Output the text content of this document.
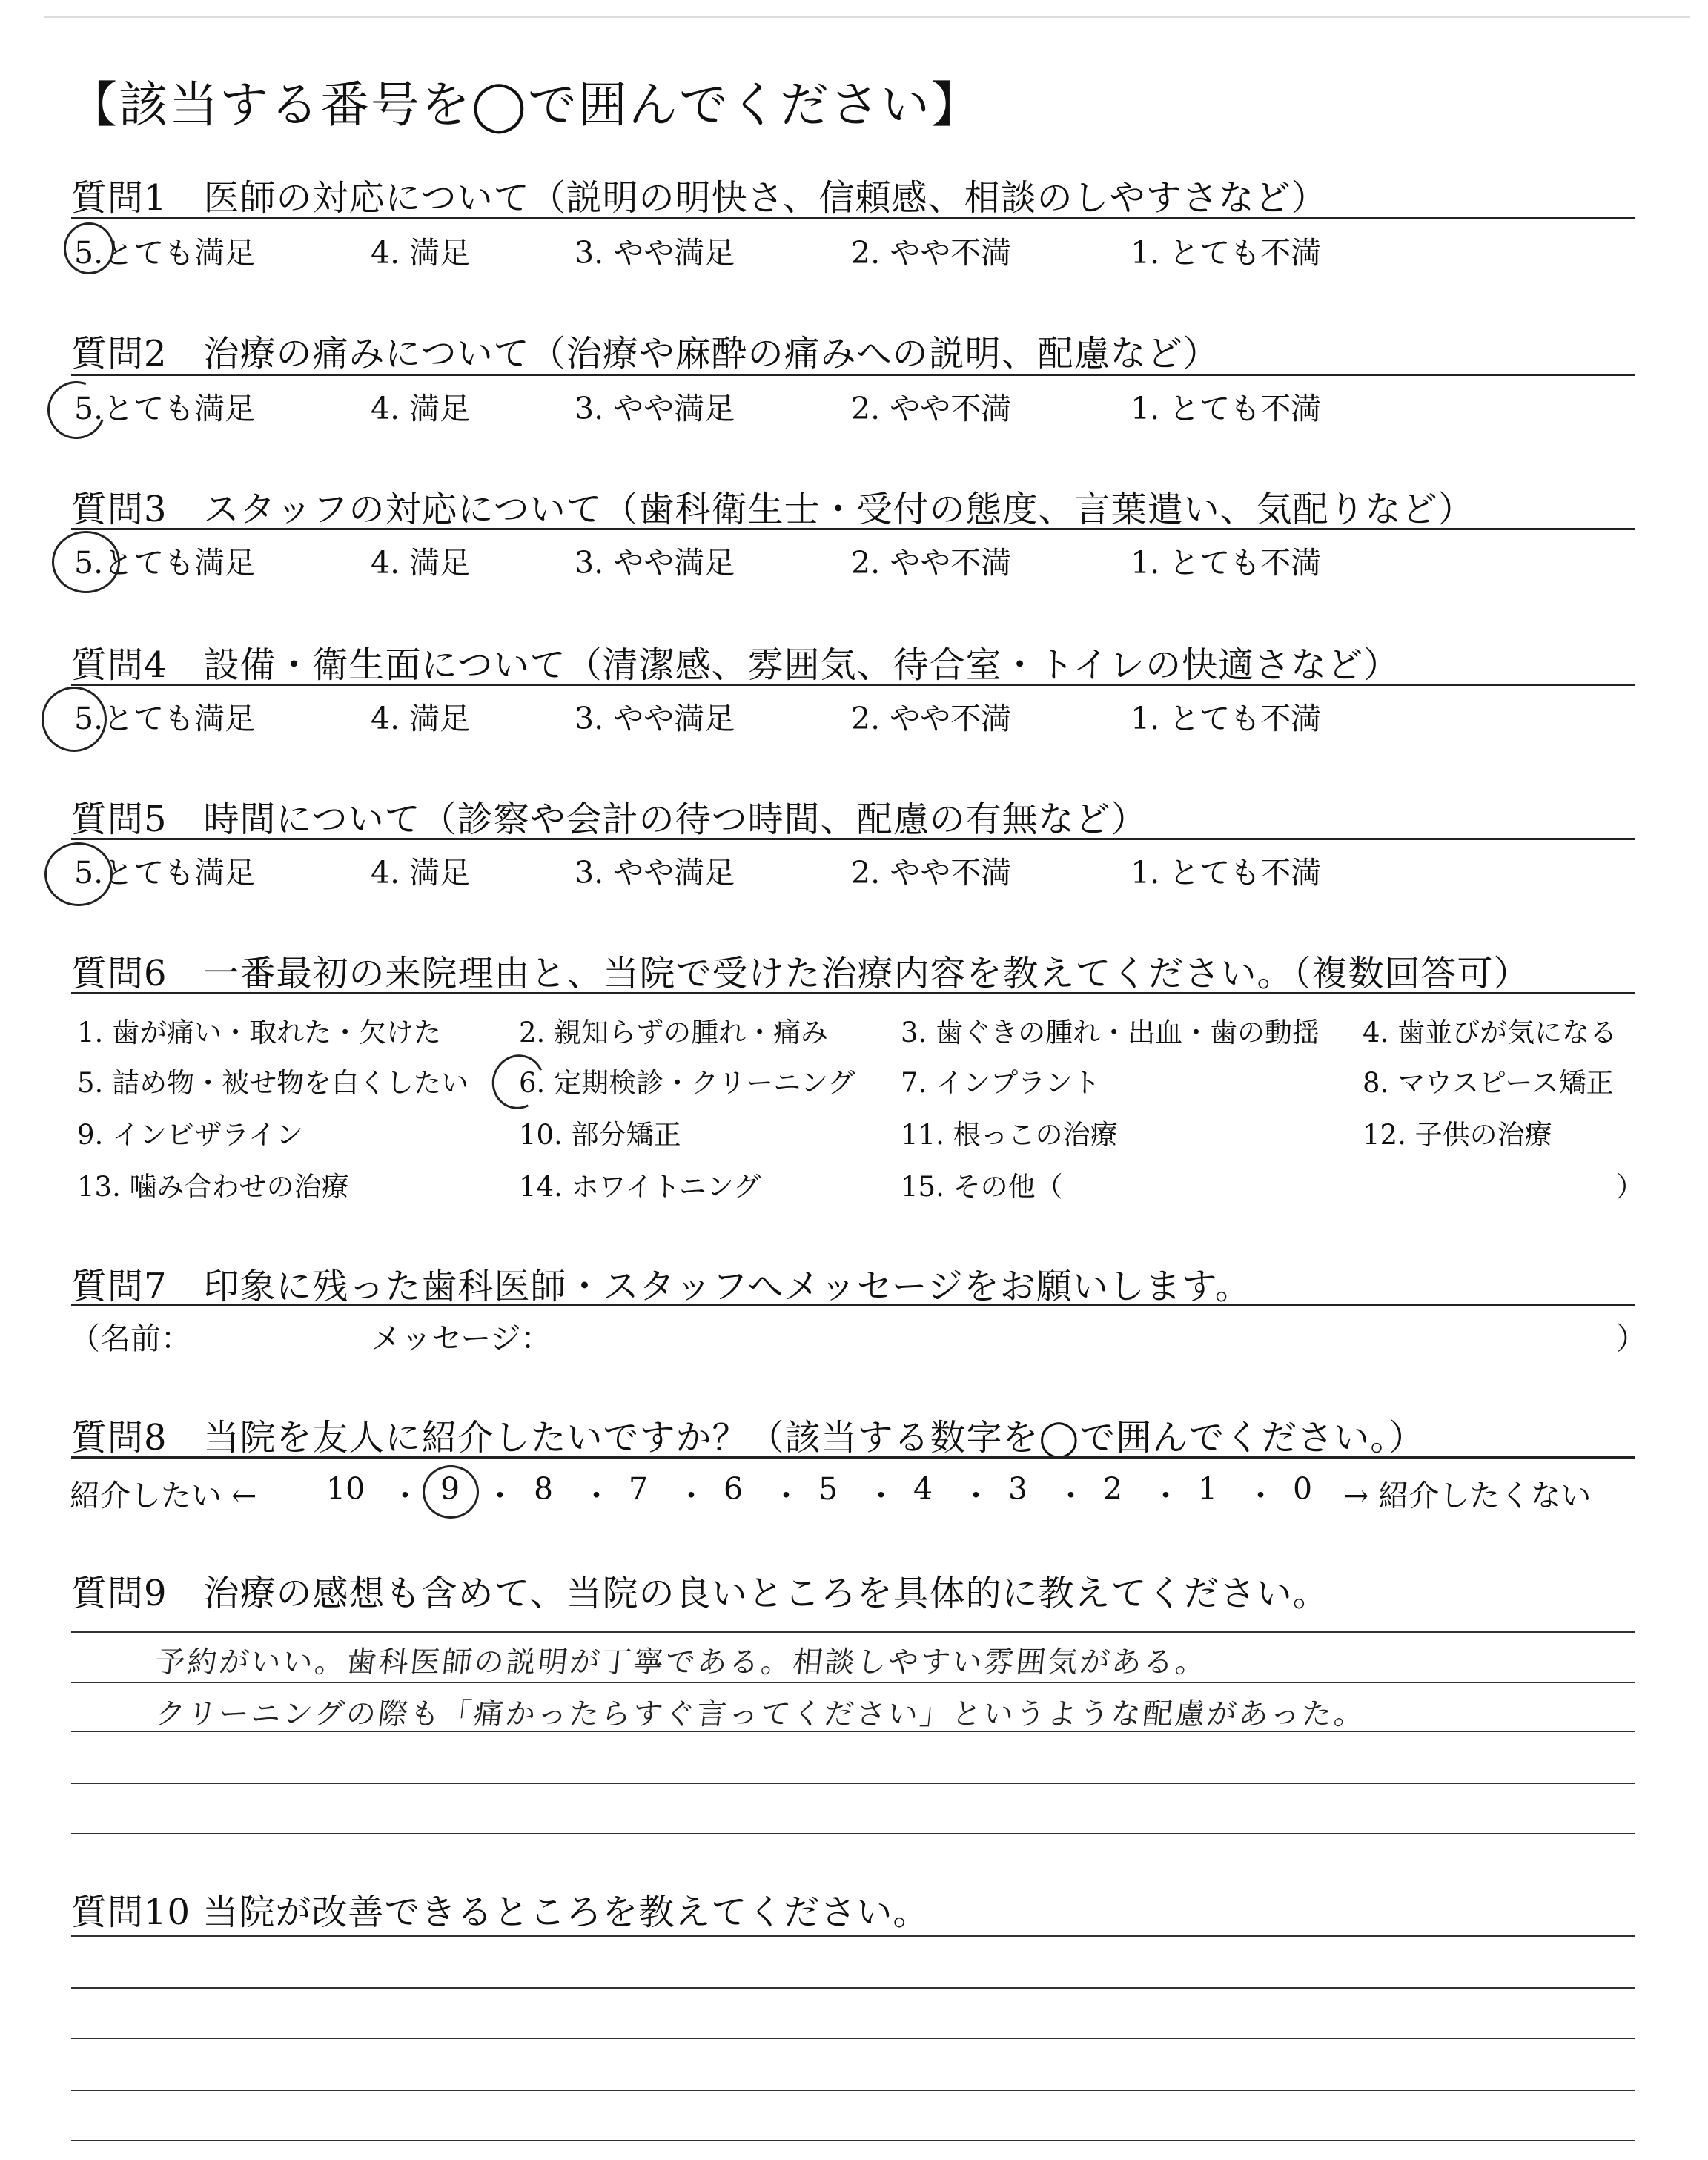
【該当する番号を◯で囲んでください】
質問1　医師の対応について（説明の明快さ、信頼感、相談のしやすさなど）
5.とても満足	4. 満足	3. やや満足	2. やや不満	1. とても不満
質問2　治療の痛みについて（治療や麻酔の痛みへの説明、配慮など）
5.とても満足	4. 満足	3. やや満足	2. やや不満	1. とても不満
質問3　スタッフの対応について（歯科衛生士・受付の態度、言葉遣い、気配りなど）
5.とても満足	4. 満足	3. やや満足	2. やや不満	1. とても不満
質問4　設備・衛生面について（清潔感、雰囲気、待合室・トイレの快適さなど）
5.とても満足	4. 満足	3. やや満足	2. やや不満	1. とても不満
質問5　時間について（診察や会計の待つ時間、配慮の有無など）
5.とても満足	4. 満足	3. やや満足	2. やや不満	1. とても不満
質問6　一番最初の来院理由と、当院で受けた治療内容を教えてください。（複数回答可）
1. 歯が痛い・取れた・欠けた	2. 親知らずの腫れ・痛み	3. 歯ぐきの腫れ・出血・歯の動揺 4. 歯並びが気になる
5. 詰め物・被せ物を白くしたい 6. 定期検診・クリーニング 7. インプラント	8. マウスピース矯正
9. インビザライン	10. 部分矯正	11. 根っこの治療	12. 子供の治療
13. 噛み合わせの治療	14. ホワイトニング	15. その他（	）
質問7　印象に残った歯科医師・スタッフへメッセージをお願いします。
（名前：	メッセージ：	）
質問8　当院を友人に紹介したいですか？（該当する数字を◯で囲んでください。）
紹介したい ← 10 ・ 9 ・ 8 ・ 7 ・ 6 ・ 5 ・ 4 ・ 3 ・ 2 ・ 1 ・ 0 → 紹介したくない
質問9　治療の感想も含めて、当院の良いところを具体的に教えてください。
予約がいい。歯科医師の説明が丁寧である。相談しやすい雰囲気がある。
クリーニングの際も「痛かったらすぐ言ってください」というような配慮があった。
質問10 当院が改善できるところを教えてください。
